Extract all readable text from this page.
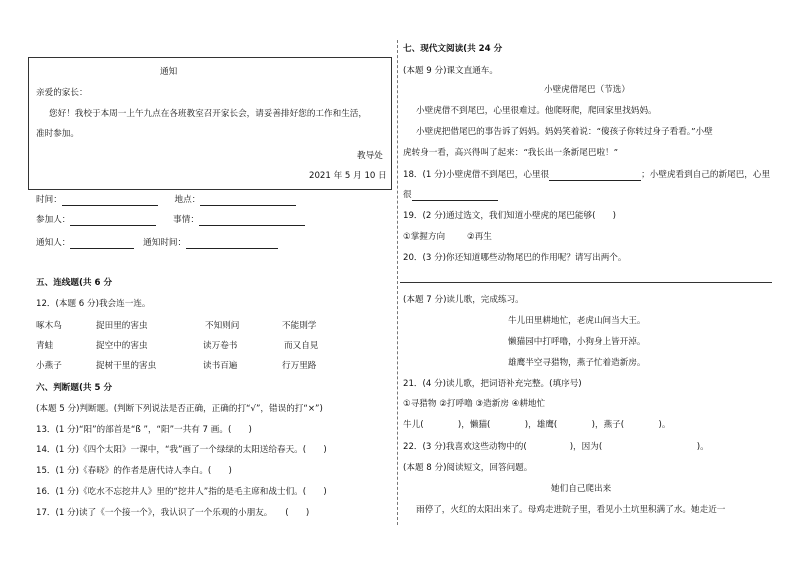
通知
亲爱的家长：
您好！我校于本周一上午九点在各班教室召开家长会，请妥善排好您的工作和生活，
准时参加。
教导处
2021 年 5 月 10 日
时间：	地点：
参加人：	事情：
通知人：	通知时间：
五、连线题(共 6 分
12．(本题 6 分)我会连一连。
啄木鸟	捉田里的害虫	不知则问	不能則学
青蛙	捉空中的害虫	读万卷书	而又自見
小燕子	捉树干里的害虫	读书百遍	行万里路
六、判断题(共 5 分
(本题 5 分)判断题。(判断下列说法是否正确，正确的打“√”，错误的打“×”)
13．(1 分)“阳”的部首是“ß ”，“阳”一共有 7 画。(　　)
14．(1 分)《四个太阳》一课中，“我”画了一个绿绿的太阳送给春天。(　　)
15．(1 分)《春晓》的作者是唐代诗人李白。(　　)
16．(1 分)《吃水不忘挖井人》里的“挖井人”指的是毛主席和战士们。(　　)
17．(1 分)读了《一个接一个》，我认识了一个乐观的小朋友。　　(　　)
七、现代文阅读(共 24 分
(本题 9 分)课文直通车。
小壁虎借尾巴（节选）
小壁虎借不到尾巴，心里很难过。他爬呀爬，爬回家里找妈妈。
小壁虎把借尾巴的事告诉了妈妈。妈妈笑着说：“傻孩子你转过身子看看。”小壁
虎转身一看，高兴得叫了起来：“我长出一条新尾巴啦！”
18．(1 分)小壁虎借不到尾巴，心里很	；小壁虎看到自己的新尾巴，心里
很
19．(2 分)通过选文，我们知道小壁虎的尾巴能够(　　)
①掌握方向	②再生
20．(3 分)你还知道哪些动物尾巴的作用呢？请写出两个。
(本题 7 分)读儿歌，完成练习。
牛儿田里耕地忙，老虎山间当大王。
懒猫园中打呼噜，小狗身上皆开淖。
雄鹰半空寻猎物，燕子忙着造新房。
21．(4 分)读儿歌，把词语补充完整。(填序号)
①寻猎物 ②打呼噜 ③造新房 ④耕地忙
牛儿(　　　　)，懒猫(　　　　)，雄鹰(　　　　)，燕子(　　　　)。
22．(3 分)我喜欢这些动物中的(　　　　　)，因为(　　　　　　　　　　　)。
(本题 8 分)阅读短文，回答问题。
她们自己爬出来
雨停了，火红的太阳出来了。母鸡走进院子里，看见小土坑里积满了水。她走近一
